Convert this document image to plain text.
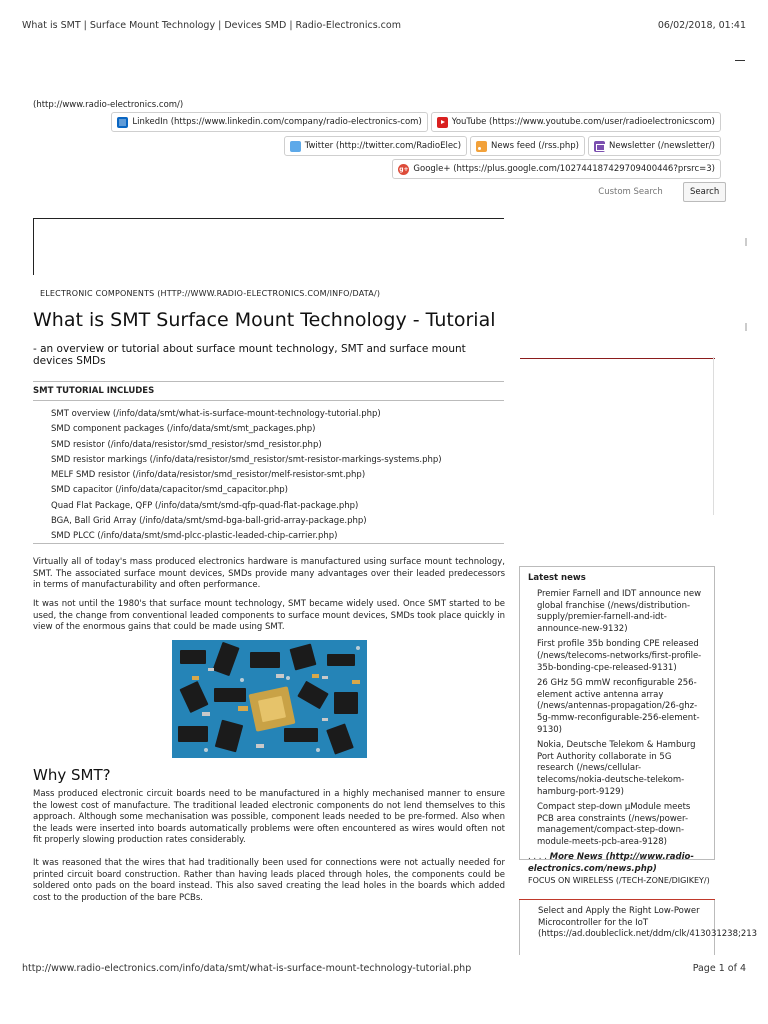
What is SMT | Surface Mount Technology | Devices SMD | Radio-Electronics.com	06/02/2018, 01:41
(http://www.radio-electronics.com/)
LinkedIn (https://www.linkedin.com/company/radio-electronics-com)	YouTube (https://www.youtube.com/user/radioelectronicscom)
Twitter (http://twitter.com/RadioElec)	News feed (/rss.php)	Newsletter (/newsletter/)
g+ Google+ (https://plus.google.com/102744187429709400446?prsrc=3)
Custom Search
Search
ELECTRONIC COMPONENTS (HTTP://WWW.RADIO-ELECTRONICS.COM/INFO/DATA/)
What is SMT Surface Mount Technology - Tutorial

- an overview or tutorial about surface mount technology, SMT and surface mount devices SMDs

SMT TUTORIAL INCLUDES
SMT overview (/info/data/smt/what-is-surface-mount-technology-tutorial.php)
SMD component packages (/info/data/smt/smt_packages.php)
SMD resistor (/info/data/resistor/smd_resistor/smd_resistor.php)
SMD resistor markings (/info/data/resistor/smd_resistor/smt-resistor-markings-systems.php)
MELF SMD resistor (/info/data/resistor/smd_resistor/melf-resistor-smt.php)
SMD capacitor (/info/data/capacitor/smd_capacitor.php)
Quad Flat Package, QFP (/info/data/smt/smd-qfp-quad-flat-package.php)
BGA, Ball Grid Array (/info/data/smt/smd-bga-ball-grid-array-package.php)
SMD PLCC (/info/data/smt/smd-plcc-plastic-leaded-chip-carrier.php)

Virtually all of today's mass produced electronics hardware is manufactured using surface mount technology, SMT. The associated surface mount devices, SMDs provide many advantages over their leaded predecessors in terms of manufacturability and often performance.

It was not until the 1980's that surface mount technology, SMT became widely used. Once SMT started to be used, the change from conventional leaded components to surface mount devices, SMDs took place quickly in view of the enormous gains that could be made using SMT.

Why SMT?

Mass produced electronic circuit boards need to be manufactured in a highly mechanised manner to ensure the lowest cost of manufacture. The traditional leaded electronic components do not lend themselves to this approach. Although some mechanisation was possible, component leads needed to be pre-formed. Also when the leads were inserted into boards automatically problems were often encountered as wires would often not fit properly slowing production rates considerably.

It was reasoned that the wires that had traditionally been used for connections were not actually needed for printed circuit board construction. Rather than having leads placed through holes, the components could be soldered onto pads on the board instead. This also saved creating the lead holes in the boards which added cost to the production of the bare PCBs.

Latest news
Premier Farnell and IDT announce new global franchise (/news/distribution-supply/premier-farnell-and-idt-announce-new-9132)
First profile 35b bonding CPE released (/news/telecoms-networks/first-profile-35b-bonding-cpe-released-9131)
26 GHz 5G mmW reconfigurable 256-element active antenna array (/news/antennas-propagation/26-ghz-5g-mmw-reconfigurable-256-element-9130)
Nokia, Deutsche Telekom & Hamburg Port Authority collaborate in 5G research (/news/cellular-telecoms/nokia-deutsche-telekom-hamburg-port-9129)
Compact step-down μModule meets PCB area constraints (/news/power-management/compact-step-down-module-meets-pcb-area-9128)
. . . . More News (http://www.radio-electronics.com/news.php)
FOCUS ON WIRELESS (/TECH-ZONE/DIGIKEY/)
Select and Apply the Right Low-Power Microcontroller for the IoT
(https://ad.doubleclick.net/ddm/clk/413031238;213
http://www.radio-electronics.com/info/data/smt/what-is-surface-mount-technology-tutorial.php	Page 1 of 4
